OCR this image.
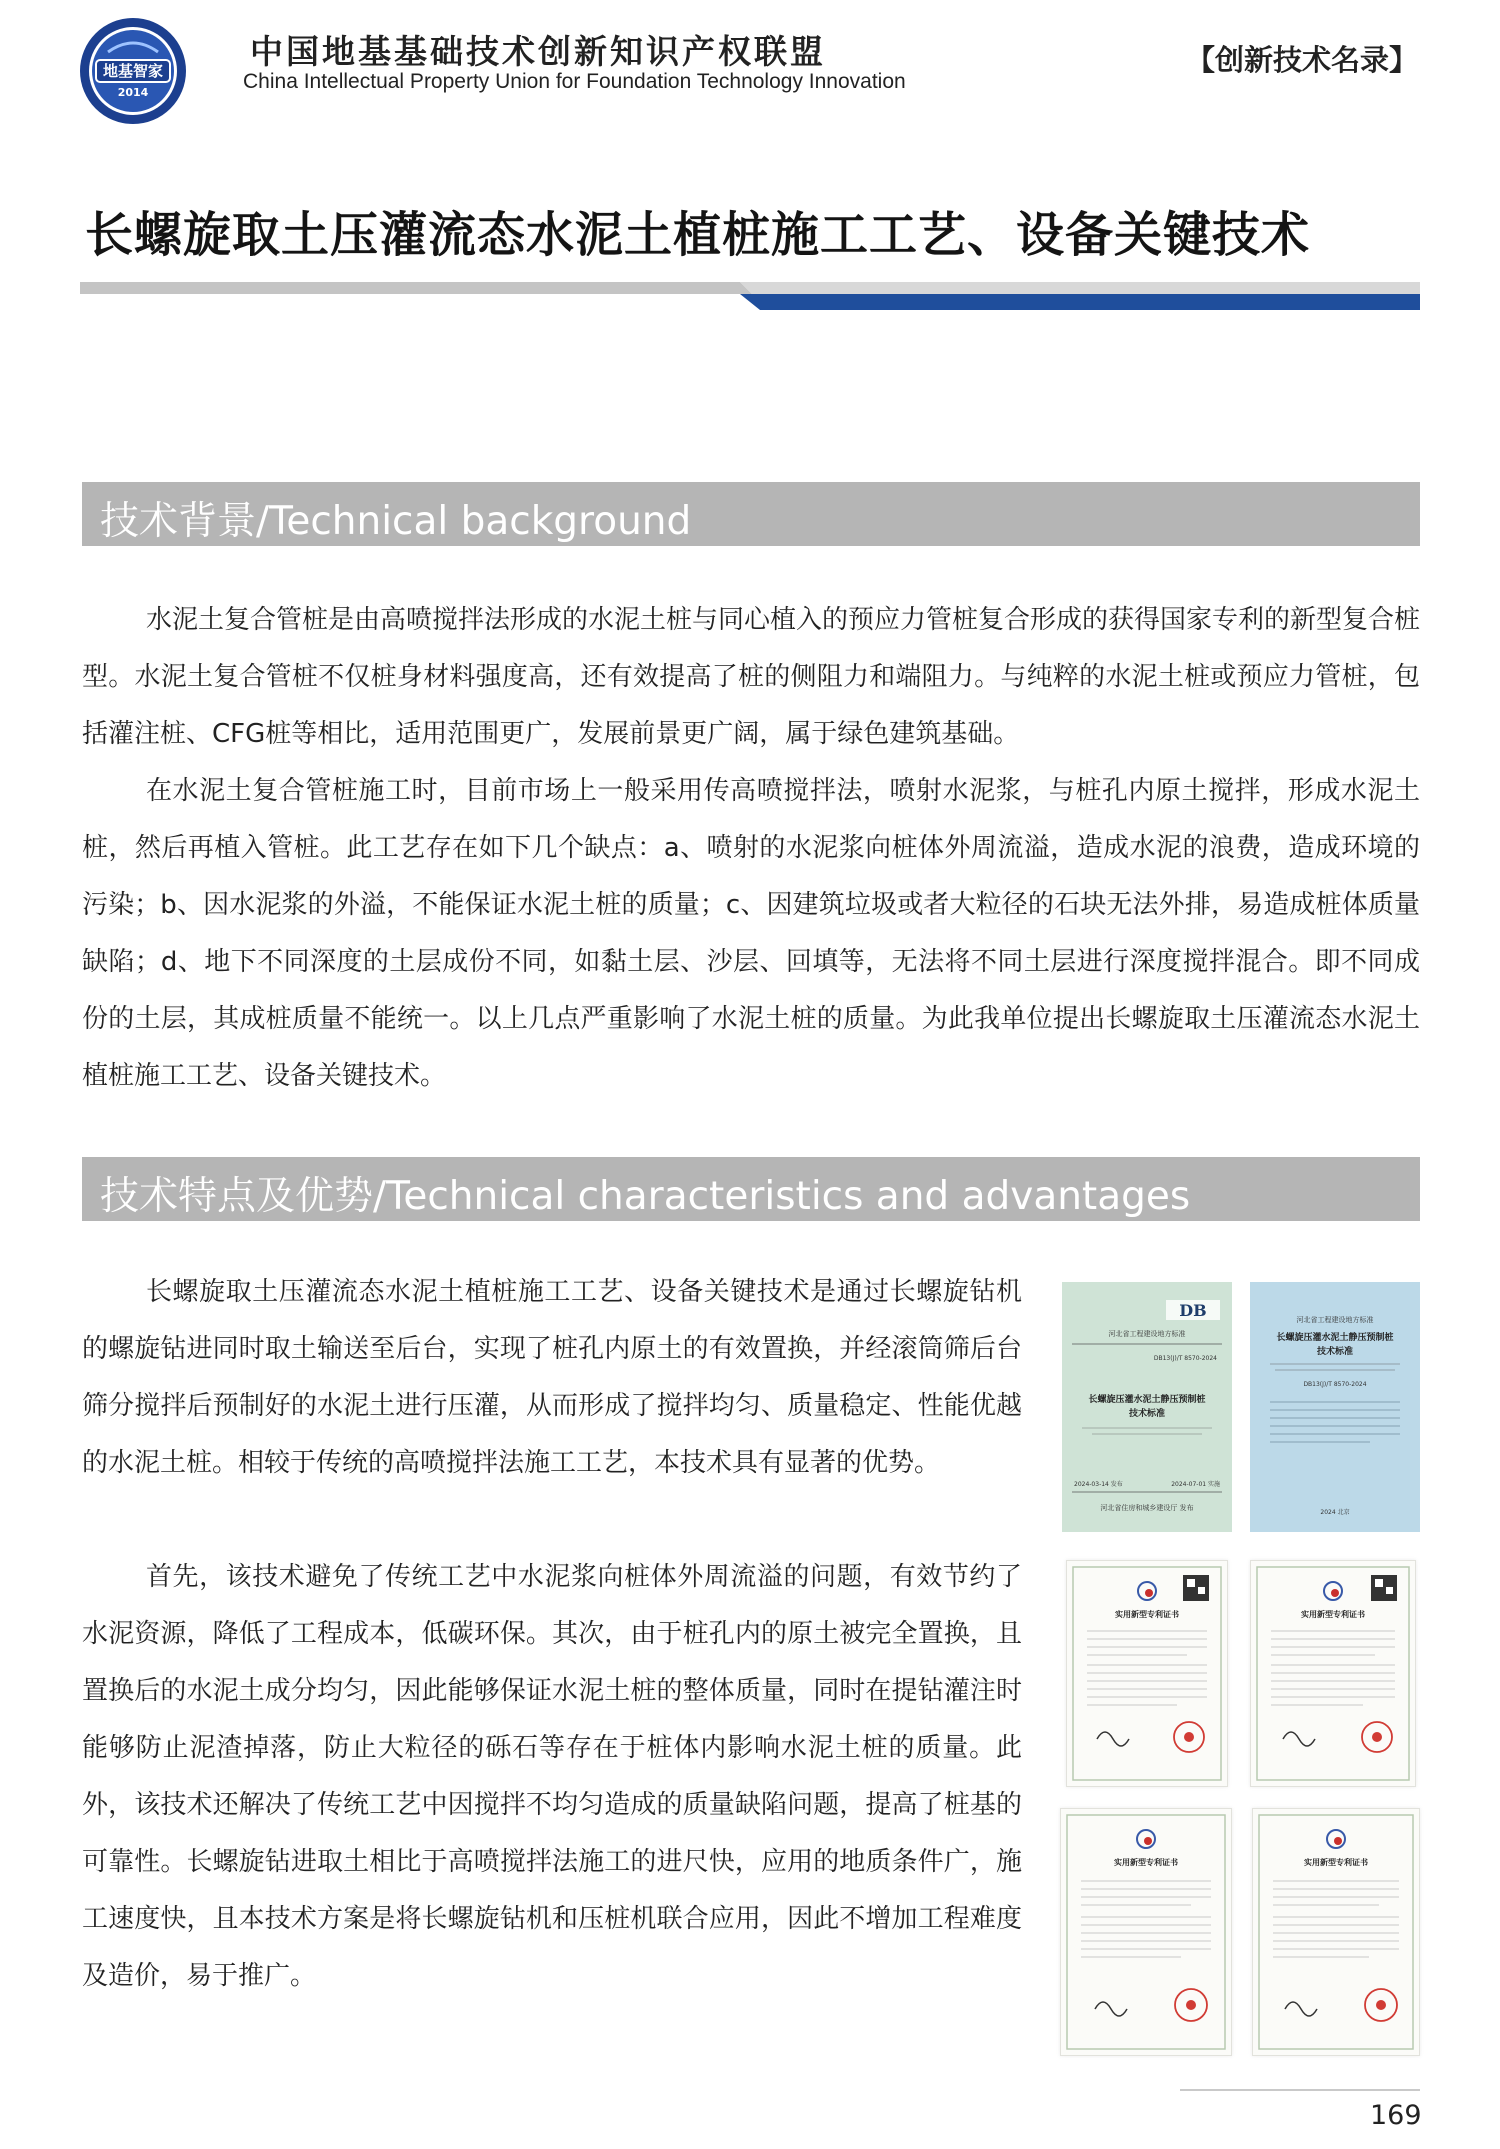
地基智家
2014
中国地基基础技术创新知识产权联盟
China Intellectual Property Union for Foundation Technology Innovation
【创新技术名录】
长螺旋取土压灌流态水泥土植桩施工工艺、设备关键技术
技术背景/Technical background

水泥土复合管桩是由高喷搅拌法形成的水泥土桩与同心植入的预应力管桩复合形成的获得国家专利的新型复合桩型。水泥土复合管桩不仅桩身材料强度高，还有效提高了桩的侧阻力和端阻力。与纯粹的水泥土桩或预应力管桩，包括灌注桩、CFG桩等相比，适用范围更广，发展前景更广阔，属于绿色建筑基础。

在水泥土复合管桩施工时，目前市场上一般采用传高喷搅拌法，喷射水泥浆，与桩孔内原土搅拌，形成水泥土桩，然后再植入管桩。此工艺存在如下几个缺点：a、喷射的水泥浆向桩体外周流溢，造成水泥的浪费，造成环境的污染；b、因水泥浆的外溢，不能保证水泥土桩的质量；c、因建筑垃圾或者大粒径的石块无法外排，易造成桩体质量缺陷；d、地下不同深度的土层成份不同，如黏土层、沙层、回填等，无法将不同土层进行深度搅拌混合。即不同成份的土层，其成桩质量不能统一。以上几点严重影响了水泥土桩的质量。为此我单位提出长螺旋取土压灌流态水泥土植桩施工工艺、设备关键技术。

技术特点及优势/Technical characteristics and advantages

长螺旋取土压灌流态水泥土植桩施工工艺、设备关键技术是通过长螺旋钻机的螺旋钻进同时取土输送至后台，实现了桩孔内原土的有效置换，并经滚筒筛后台筛分搅拌后预制好的水泥土进行压灌，从而形成了搅拌均匀、质量稳定、性能优越的水泥土桩。相较于传统的高喷搅拌法施工工艺，本技术具有显著的优势。

首先，该技术避免了传统工艺中水泥浆向桩体外周流溢的问题，有效节约了水泥资源，降低了工程成本，低碳环保。其次，由于桩孔内的原土被完全置换，且置换后的水泥土成分均匀，因此能够保证水泥土桩的整体质量，同时在提钻灌注时能够防止泥渣掉落，防止大粒径的砾石等存在于桩体内影响水泥土桩的质量。此外，该技术还解决了传统工艺中因搅拌不均匀造成的质量缺陷问题，提高了桩基的可靠性。长螺旋钻进取土相比于高喷搅拌法施工的进尺快，应用的地质条件广，施工速度快，且本技术方案是将长螺旋钻机和压桩机联合应用，因此不增加工程难度及造价，易于推广。

DB
河北省工程建设地方标准
DB13(J)/T 8570-2024
长螺旋压灌水泥土静压预制桩
技术标准
2024-03-14 发布	2024-07-01 实施
河北省住房和城乡建设厅 发布
河北省工程建设地方标准
长螺旋压灌水泥土静压预制桩
技术标准
DB13(J)/T 8570-2024
2024 北京
实用新型专利证书	实用新型专利证书
实用新型专利证书	实用新型专利证书
169
